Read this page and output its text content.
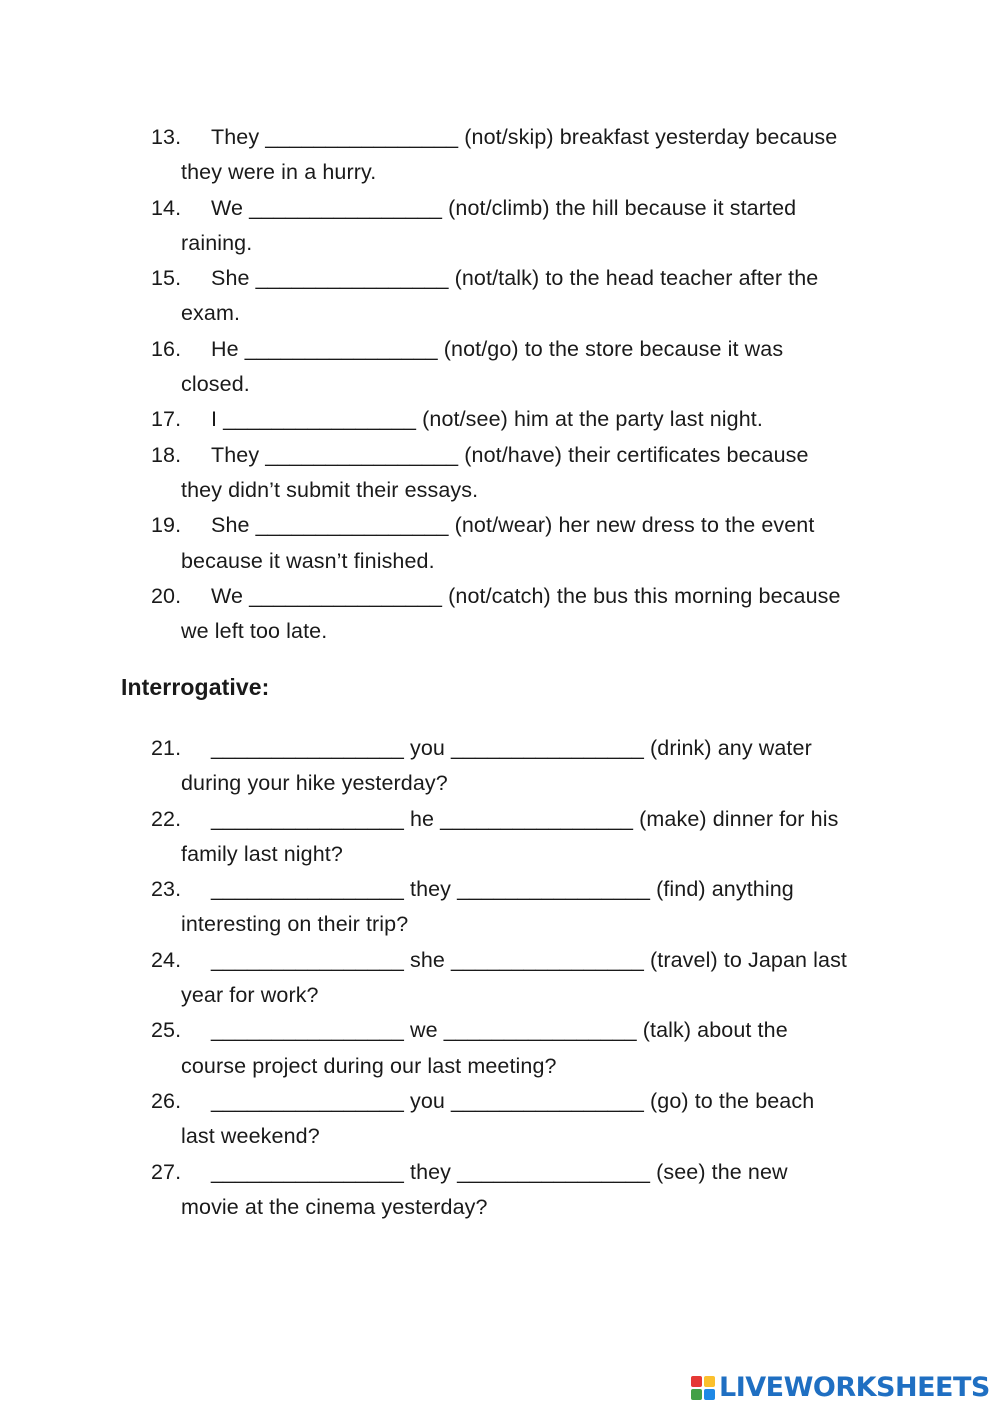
13.	They ________________ (not/skip) breakfast yesterday because
they were in a hurry.
14.	We ________________ (not/climb) the hill because it started
raining.
15.	She ________________ (not/talk) to the head teacher after the
exam.
16.	He ________________ (not/go) to the store because it was
closed.
17.	I ________________ (not/see) him at the party last night.
18.	They ________________ (not/have) their certificates because
they didn’t submit their essays.
19.	She ________________ (not/wear) her new dress to the event
because it wasn’t finished.
20.	We ________________ (not/catch) the bus this morning because
we left too late.
Interrogative:
21.	________________ you ________________ (drink) any water
during your hike yesterday?
22.	________________ he ________________ (make) dinner for his
family last night?
23.	________________ they ________________ (find) anything
interesting on their trip?
24.	________________ she ________________ (travel) to Japan last
year for work?
25.	________________ we ________________ (talk) about the
course project during our last meeting?
26.	________________ you ________________ (go) to the beach
last weekend?
27.	________________ they ________________ (see) the new
movie at the cinema yesterday?
LIVEWORKSHEETS
